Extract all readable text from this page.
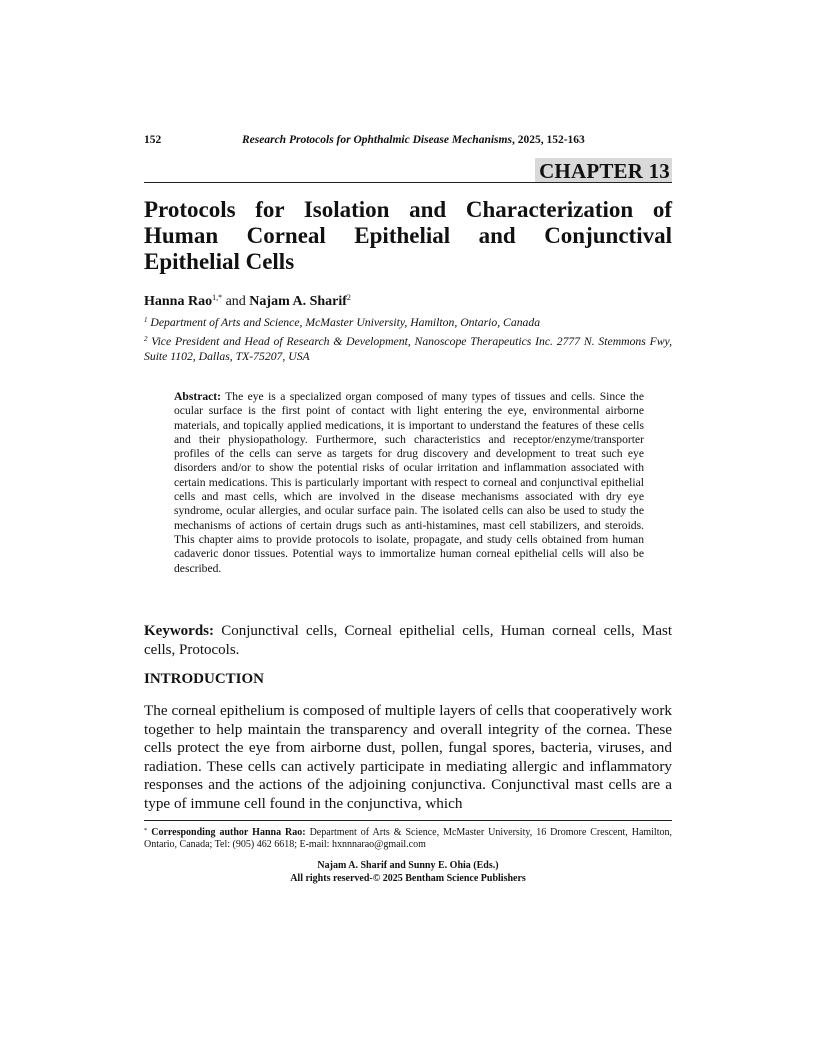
152	Research Protocols for Ophthalmic Disease Mechanisms, 2025, 152-163
CHAPTER 13
Protocols for Isolation and Characterization of Human Corneal Epithelial and Conjunctival Epithelial Cells
Hanna Rao$^{1,*}$ and Najam A. Sharif$^2$
$^1$ Department of Arts and Science, McMaster University, Hamilton, Ontario, Canada
$^2$ Vice President and Head of Research & Development, Nanoscope Therapeutics Inc. 2777 N. Stemmons Fwy, Suite 1102, Dallas, TX-75207, USA
Abstract: The eye is a specialized organ composed of many types of tissues and cells. Since the ocular surface is the first point of contact with light entering the eye, environmental airborne materials, and topically applied medications, it is important to understand the features of these cells and their physiopathology. Furthermore, such characteristics and receptor/enzyme/transporter profiles of the cells can serve as targets for drug discovery and development to treat such eye disorders and/or to show the potential risks of ocular irritation and inflammation associated with certain medications. This is particularly important with respect to corneal and conjunctival epithelial cells and mast cells, which are involved in the disease mechanisms associated with dry eye syndrome, ocular allergies, and ocular surface pain. The isolated cells can also be used to study the mechanisms of actions of certain drugs such as anti-histamines, mast cell stabilizers, and steroids. This chapter aims to provide protocols to isolate, propagate, and study cells obtained from human cadaveric donor tissues. Potential ways to immortalize human corneal epithelial cells will also be described.
Keywords: Conjunctival cells, Corneal epithelial cells, Human corneal cells, Mast cells, Protocols.
INTRODUCTION
The corneal epithelium is composed of multiple layers of cells that cooperatively work together to help maintain the transparency and overall integrity of the cornea. These cells protect the eye from airborne dust, pollen, fungal spores, bacteria, viruses, and radiation. These cells can actively participate in mediating allergic and inflammatory responses and the actions of the adjoining conjunctiva. Conjunctival mast cells are a type of immune cell found in the conjunctiva, which
* Corresponding author Hanna Rao: Department of Arts & Science, McMaster University, 16 Dromore Crescent, Hamilton, Ontario, Canada; Tel: (905) 462 6618; E-mail: hxnnnarao@gmail.com
Najam A. Sharif and Sunny E. Ohia (Eds.)
All rights reserved-© 2025 Bentham Science Publishers
